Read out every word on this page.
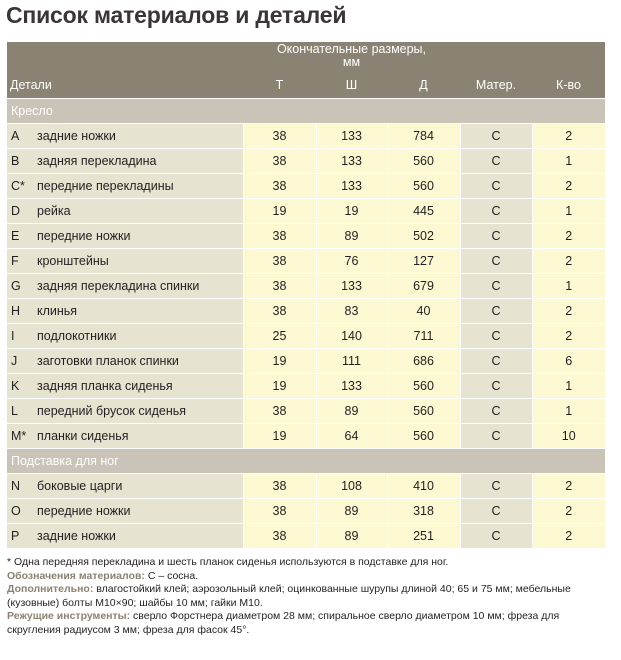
Список материалов и деталей

			Окончательные размеры, мм			

Детали		Т	Ш	Д	Матер.	К-во
Кресло						
A	задние ножки	38	133	784	C	2
B	задняя перекладина	38	133	560	C	1
C*	передние перекладины	38	133	560	C	2
D	рейка	19	19	445	C	1
E	передние ножки	38	89	502	C	2
F	кронштейны	38	76	127	C	2
G	задняя перекладина спинки	38	133	679	C	1
H	клинья	38	83	40	C	2
I	подлокотники	25	140	711	C	2
J	заготовки планок спинки	19	111	686	C	6
K	задняя планка сиденья	19	133	560	C	1
L	передний брусок сиденья	38	89	560	C	1
M*	планки сиденья	19	64	560	C	10
Подставка для ног						
N	боковые царги	38	108	410	C	2
O	передние ножки	38	89	318	C	2
P	задние ножки	38	89	251	C	2

* Одна передняя перекладина и шесть планок сиденья используются в подставке для ног.

Обозначения материалов: С – сосна.

Дополнительно: влагостойкий клей; аэрозольный клей; оцинкованные шурупы длиной 40; 65 и 75 мм; мебельные (кузовные) болты М10×90; шайбы 10 мм; гайки М10.

Режущие инструменты: сверло Форстнера диаметром 28 мм; спиральное сверло диаметром 10 мм; фреза для скругления радиусом 3 мм; фреза для фасок 45°.
